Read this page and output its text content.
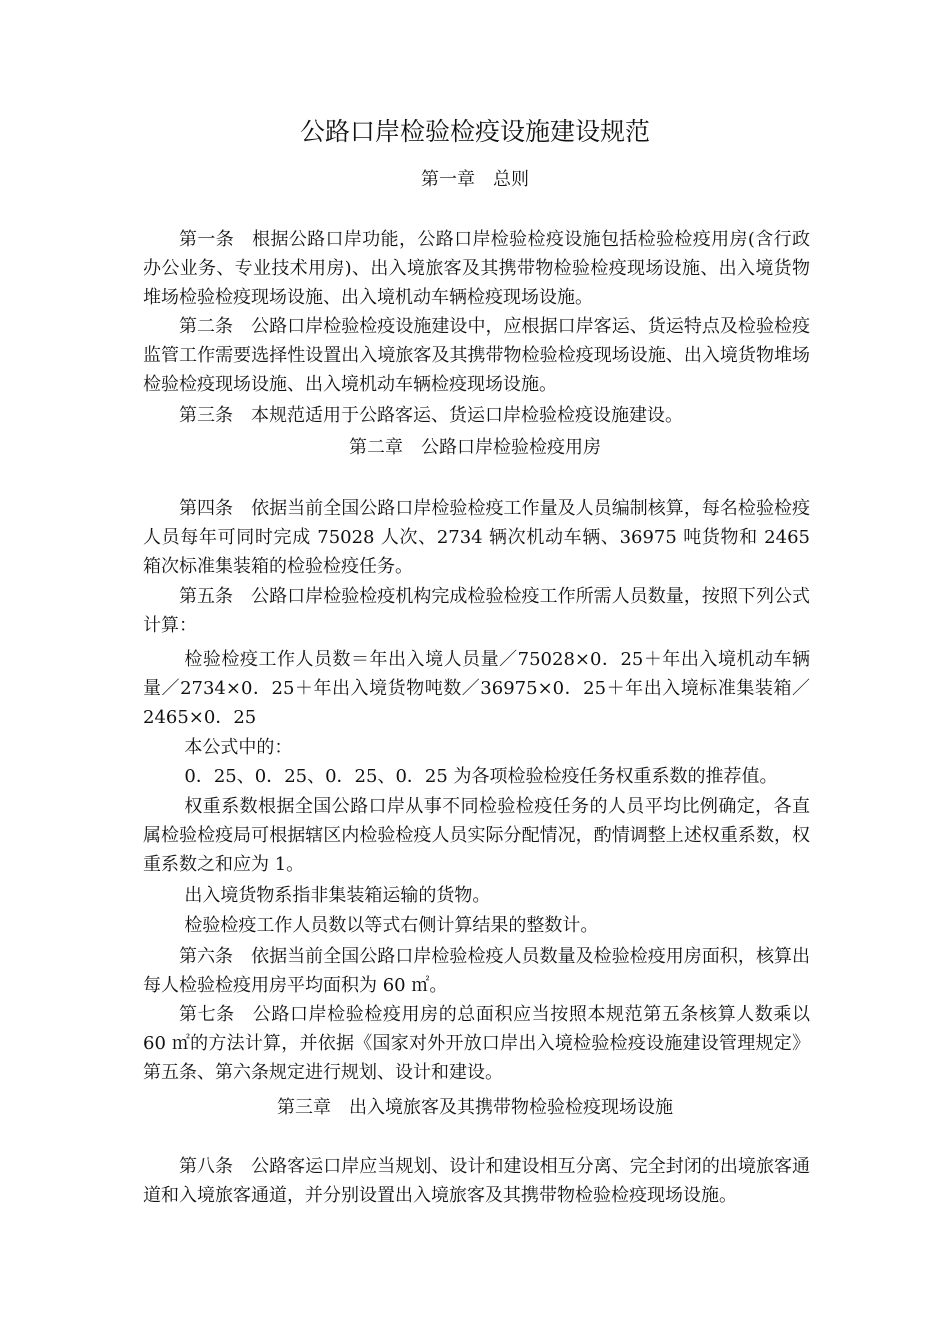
公路口岸检验检疫设施建设规范
第一章　总则

第一条 根据公路口岸功能，公路口岸检验检疫设施包括检验检疫用房(含行政办公业务、专业技术用房)、出入境旅客及其携带物检验检疫现场设施、出入境货物堆场检验检疫现场设施、出入境机动车辆检疫现场设施。

第二条 公路口岸检验检疫设施建设中，应根据口岸客运、货运特点及检验检疫监管工作需要选择性设置出入境旅客及其携带物检验检疫现场设施、出入境货物堆场检验检疫现场设施、出入境机动车辆检疫现场设施。

第三条 本规范适用于公路客运、货运口岸检验检疫设施建设。

第二章　公路口岸检验检疫用房

第四条 依据当前全国公路口岸检验检疫工作量及人员编制核算，每名检验检疫人员每年可同时完成 75028 人次、2734 辆次机动车辆、36975 吨货物和 2465 箱次标准集装箱的检验检疫任务。

第五条 公路口岸检验检疫机构完成检验检疫工作所需人员数量，按照下列公式计算：

检验检疫工作人员数＝年出入境人员量／75028×0．25＋年出入境机动车辆量／2734×0．25＋年出入境货物吨数／36975×0．25＋年出入境标准集装箱／2465×0．25

本公式中的：

0．25、0．25、0．25、0．25 为各项检验检疫任务权重系数的推荐值。

权重系数根据全国公路口岸从事不同检验检疫任务的人员平均比例确定，各直属检验检疫局可根据辖区内检验检疫人员实际分配情况，酌情调整上述权重系数，权重系数之和应为 1。

出入境货物系指非集装箱运输的货物。

检验检疫工作人员数以等式右侧计算结果的整数计。

第六条 依据当前全国公路口岸检验检疫人员数量及检验检疫用房面积，核算出每人检验检疫用房平均面积为 60 ㎡。

第七条 公路口岸检验检疫用房的总面积应当按照本规范第五条核算人数乘以 60 ㎡的方法计算，并依据《国家对外开放口岸出入境检验检疫设施建设管理规定》第五条、第六条规定进行规划、设计和建设。

第三章　出入境旅客及其携带物检验检疫现场设施

第八条 公路客运口岸应当规划、设计和建设相互分离、完全封闭的出境旅客通道和入境旅客通道，并分别设置出入境旅客及其携带物检验检疫现场设施。
